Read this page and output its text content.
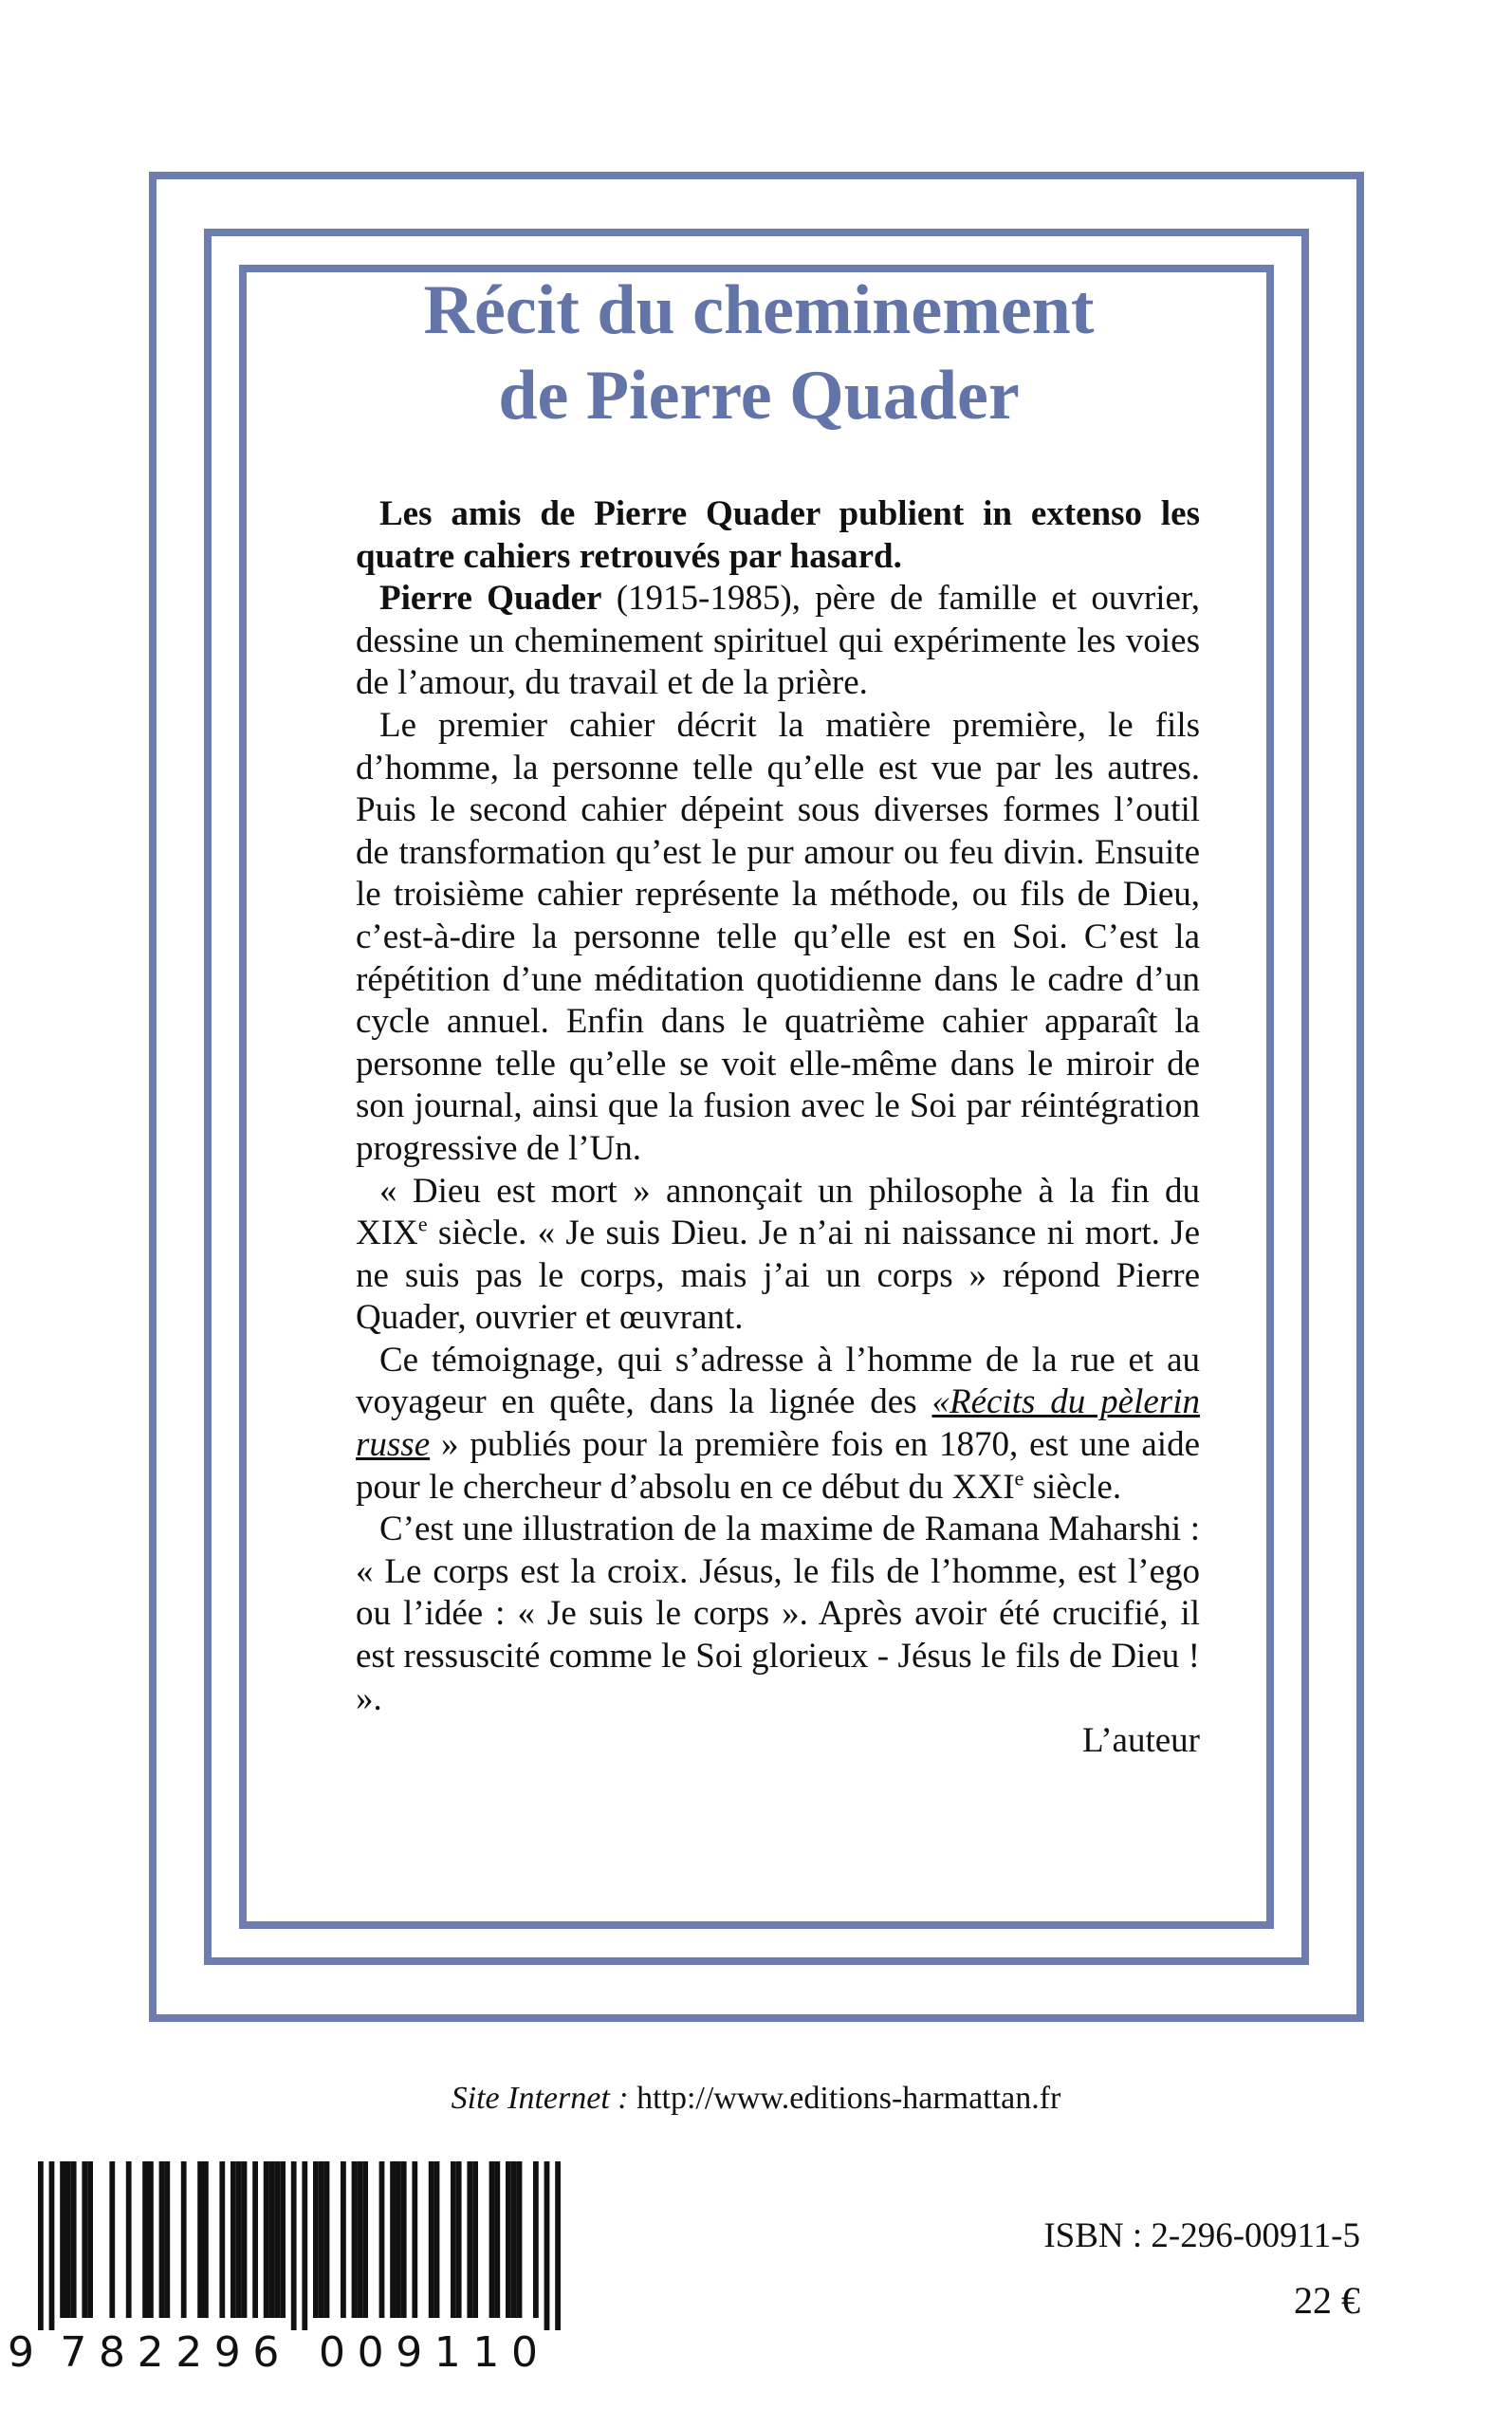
Récit du cheminement
de Pierre Quader

Les amis de Pierre Quader publient in extenso les quatre cahiers retrouvés par hasard.

Pierre Quader (1915-1985), père de famille et ouvrier, dessine un cheminement spirituel qui expérimente les voies de l’amour, du travail et de la prière.

Le premier cahier décrit la matière première, le fils d’homme, la personne telle qu’elle est vue par les autres. Puis le second cahier dépeint sous diverses formes l’outil de transformation qu’est le pur amour ou feu divin. Ensuite le troisième cahier représente la méthode, ou fils de Dieu, c’est-à-dire la personne telle qu’elle est en Soi. C’est la répétition d’une méditation quotidienne dans le cadre d’un cycle annuel. Enfin dans le quatrième cahier apparaît la personne telle qu’elle se voit elle-même dans le miroir de son journal, ainsi que la fusion avec le Soi par réintégration progressive de l’Un.

« Dieu est mort » annonçait un philosophe à la fin du XIXe siècle. « Je suis Dieu. Je n’ai ni naissance ni mort. Je ne suis pas le corps, mais j’ai un corps » répond Pierre Quader, ouvrier et œuvrant.

Ce témoignage, qui s’adresse à l’homme de la rue et au voyageur en quête, dans la lignée des «Récits du pèlerin russe » publiés pour la première fois en 1870, est une aide pour le chercheur d’absolu en ce début du XXIe siècle.

C’est une illustration de la maxime de Ramana Maharshi : « Le corps est la croix. Jésus, le fils de l’homme, est l’ego ou l’idée : « Je suis le corps ». Après avoir été crucifié, il est ressuscité comme le Soi glorieux - Jésus le fils de Dieu ! ».

L’auteur

Site Internet : http://www.editions-harmattan.fr
9 7 8 2 2 9 6 0 0 9 1 1 0
ISBN : 2-296-00911-5
22 €
